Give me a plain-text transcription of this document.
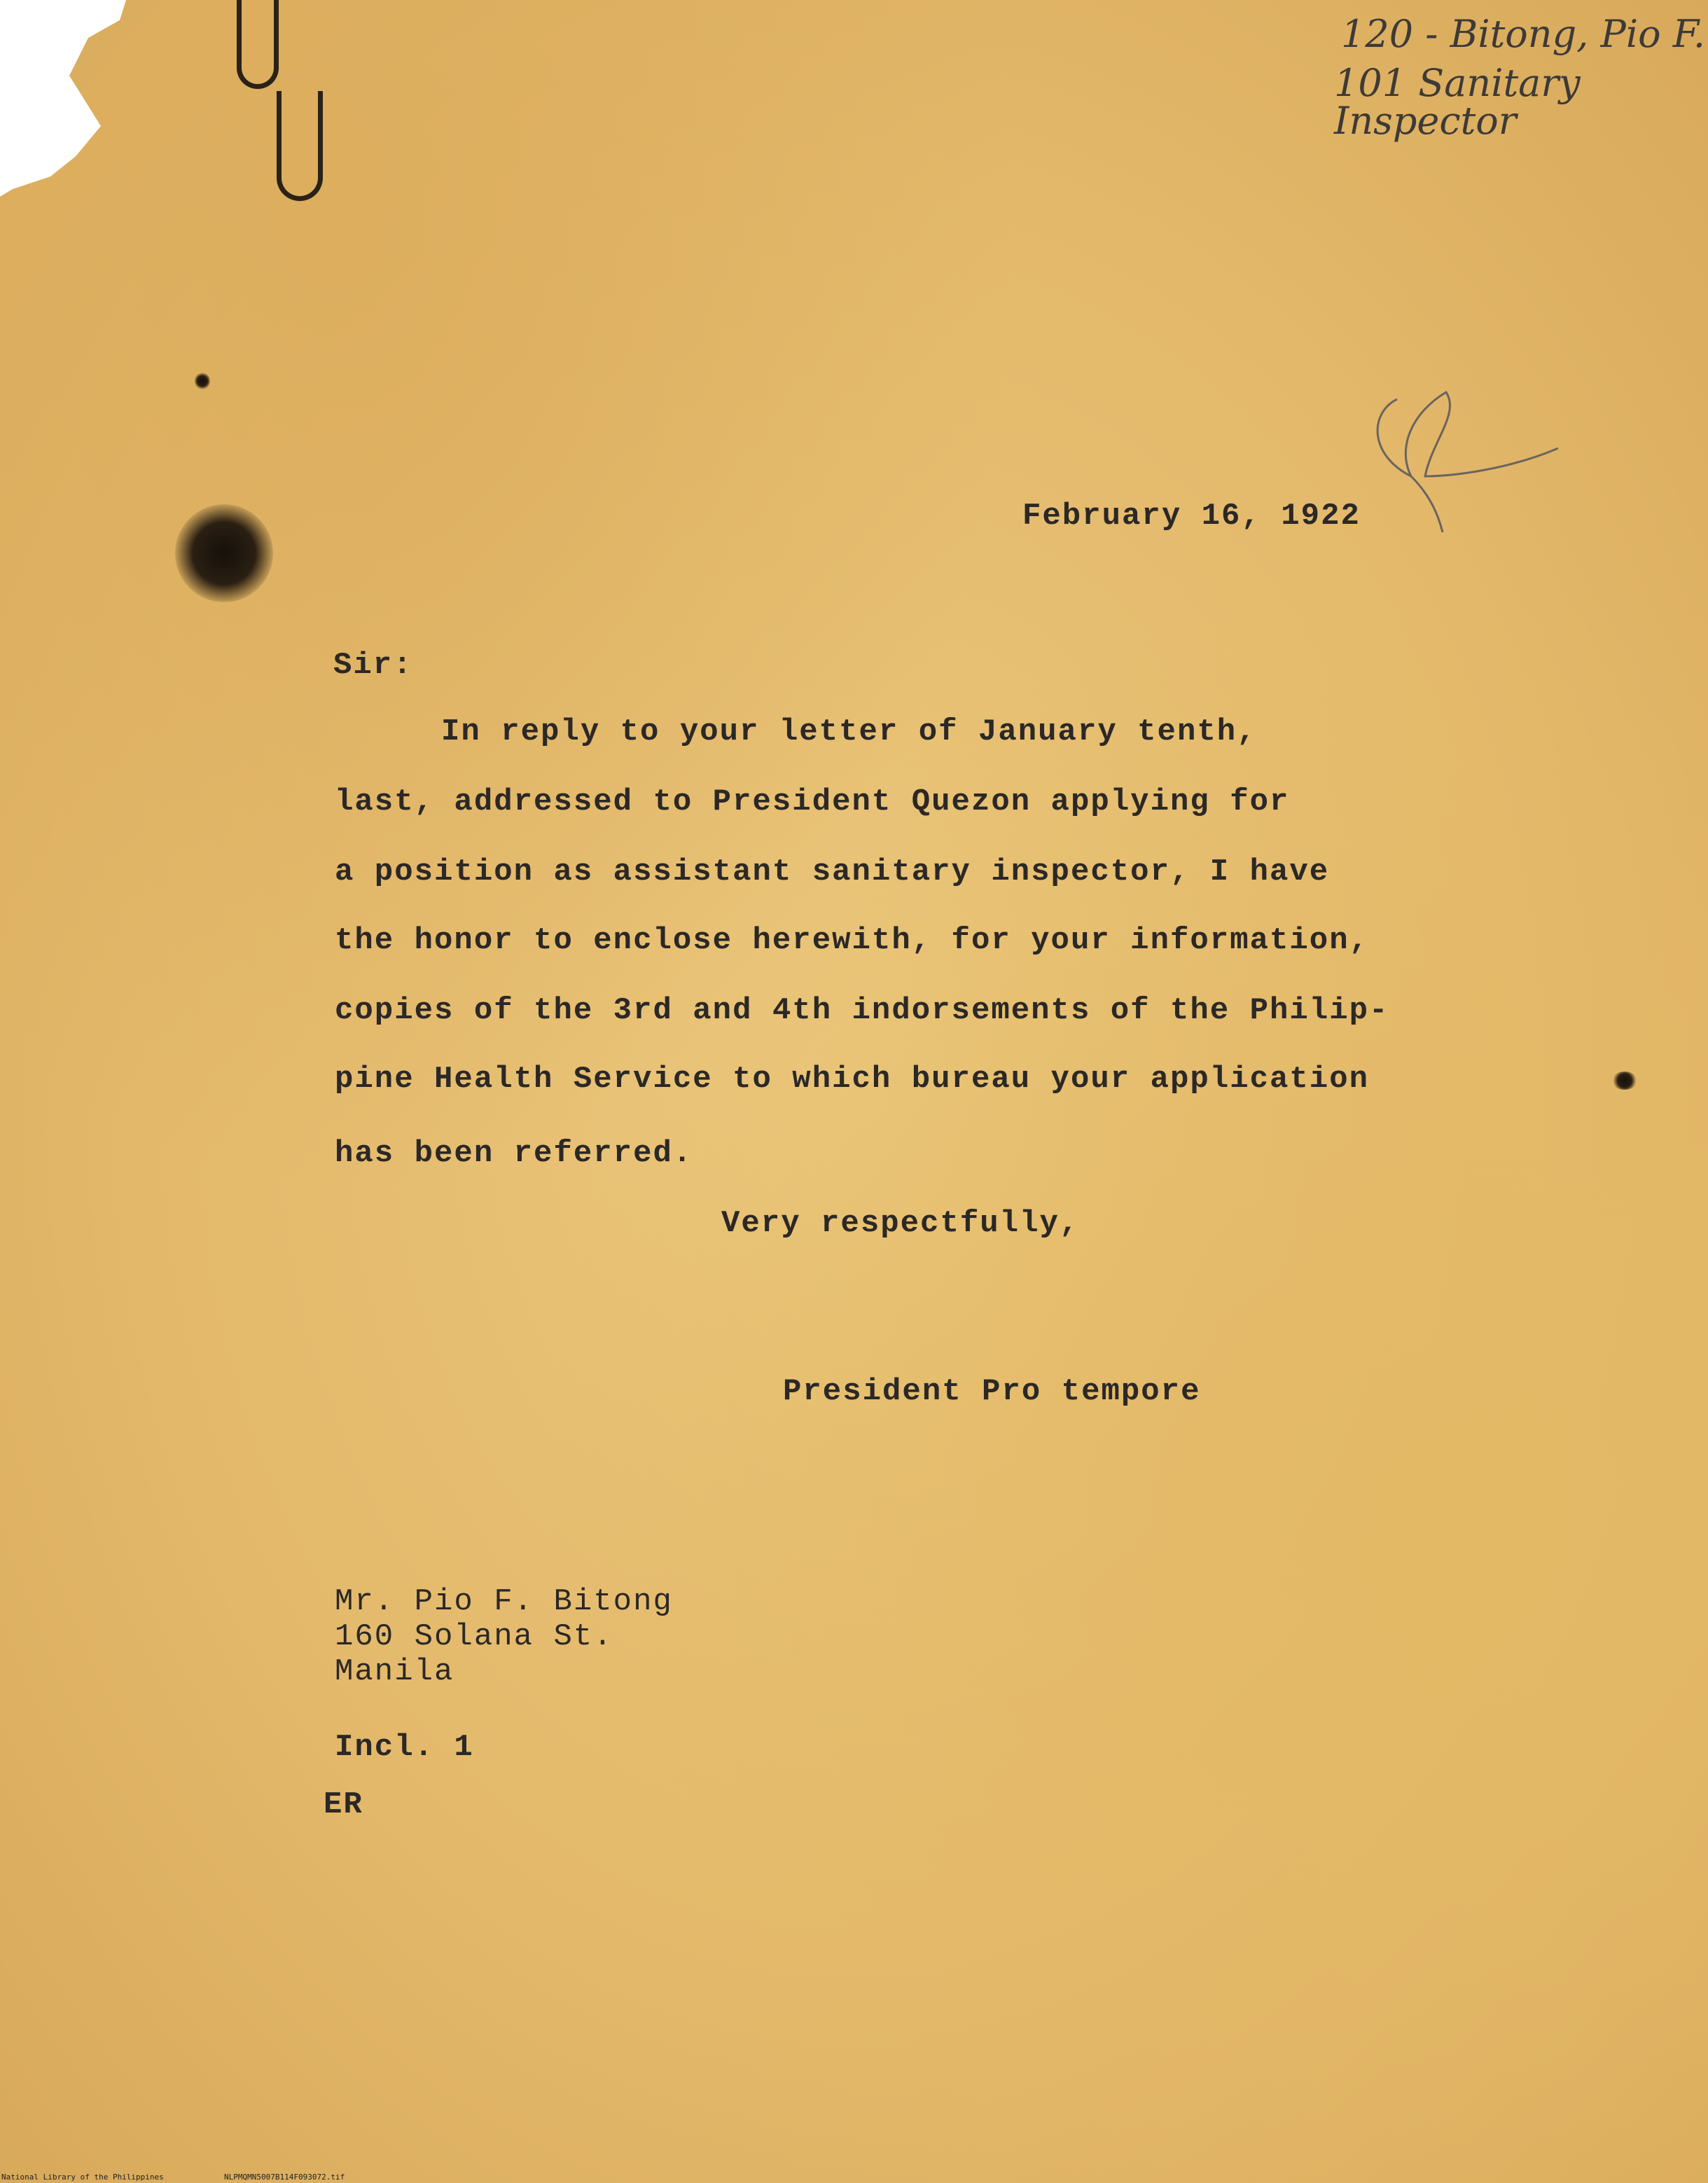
120 - Bitong, Pio F.
101 Sanitary Inspector
February 16, 1922
Sir:
In reply to your letter of January tenth,
last, addressed to President Quezon applying for
a position as assistant sanitary inspector, I have
the honor to enclose herewith, for your information,
copies of the 3rd and 4th indorsements of the Philip-
pine Health Service to which bureau your application
has been referred.
Very respectfully,
President Pro tempore
Mr. Pio F. Bitong
160 Solana St.
Manila
Incl. 1
ER
National Library of the Philippines	NLPMQMN5007B114F093072.tif
